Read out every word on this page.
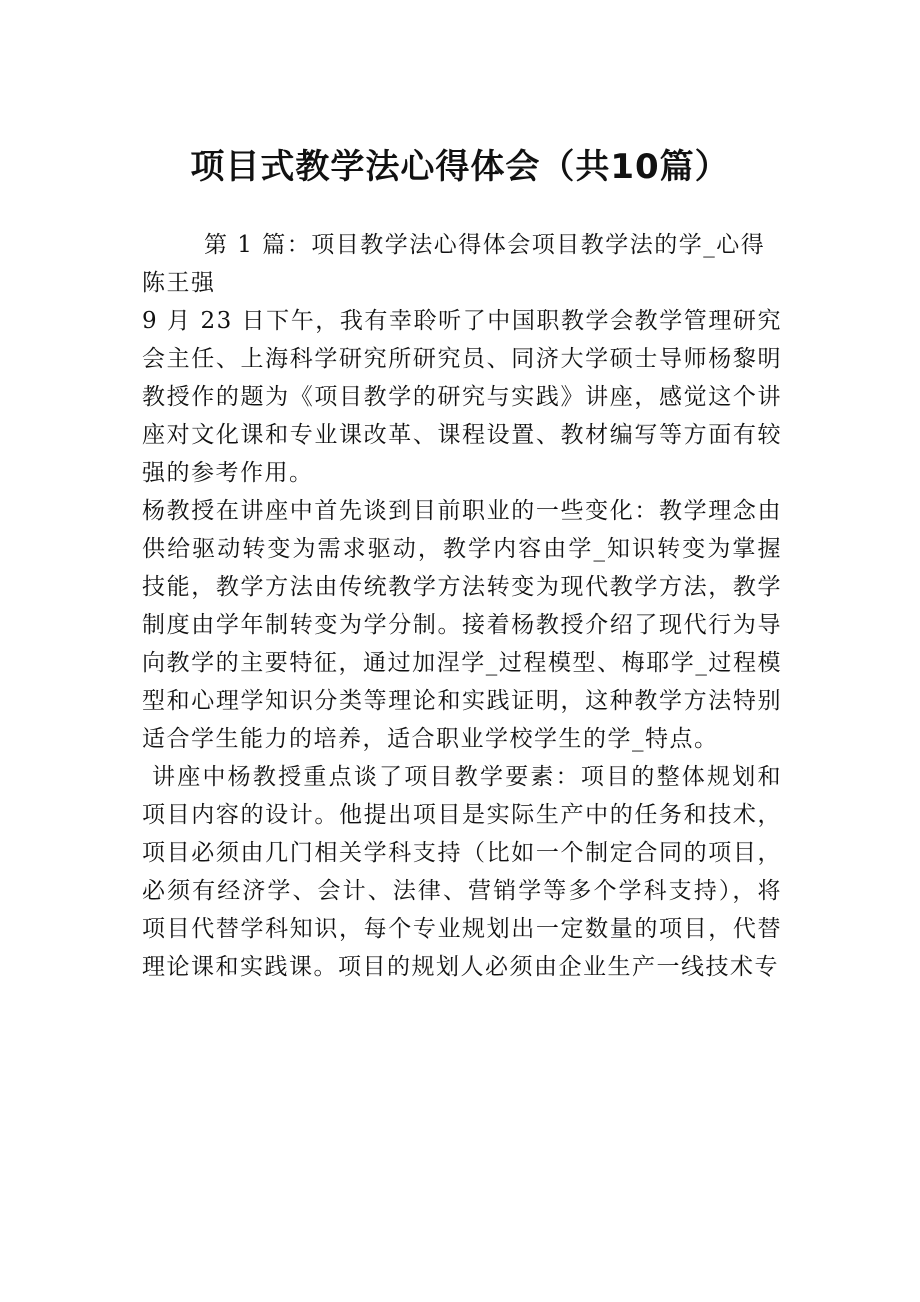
项目式教学法心得体会（共10篇）

第 1 篇：项目教学法心得体会项目教学法的学_心得

陈王强

9 月 23 日下午，我有幸聆听了中国职教学会教学管理研究会主任、上海科学研究所研究员、同济大学硕士导师杨黎明教授作的题为《项目教学的研究与实践》讲座，感觉这个讲座对文化课和专业课改革、课程设置、教材编写等方面有较强的参考作用。

杨教授在讲座中首先谈到目前职业的一些变化：教学理念由供给驱动转变为需求驱动，教学内容由学_知识转变为掌握技能，教学方法由传统教学方法转变为现代教学方法，教学制度由学年制转变为学分制。接着杨教授介绍了现代行为导向教学的主要特征，通过加涅学_过程模型、梅耶学_过程模型和心理学知识分类等理论和实践证明，这种教学方法特别适合学生能力的培养，适合职业学校学生的学_特点。

讲座中杨教授重点谈了项目教学要素：项目的整体规划和项目内容的设计。他提出项目是实际生产中的任务和技术，项目必须由几门相关学科支持（比如一个制定合同的项目，必须有经济学、会计、法律、营销学等多个学科支持），将项目代替学科知识，每个专业规划出一定数量的项目，代替理论课和实践课。项目的规划人必须由企业生产一线技术专
